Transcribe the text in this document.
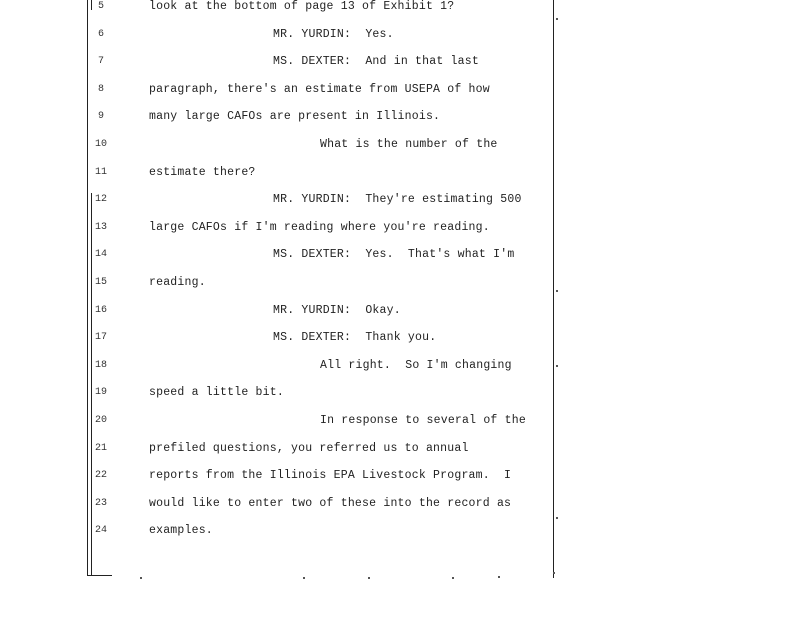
5	look at the bottom of page 13 of Exhibit 1?
6	MR. YURDIN:  Yes.
7	MS. DEXTER:  And in that last
8	paragraph, there's an estimate from USEPA of how
9	many large CAFOs are present in Illinois.
10	What is the number of the
11	estimate there?
12	MR. YURDIN:  They're estimating 500
13	large CAFOs if I'm reading where you're reading.
14	MS. DEXTER:  Yes.  That's what I'm
15	reading.
16	MR. YURDIN:  Okay.
17	MS. DEXTER:  Thank you.
18	All right.  So I'm changing
19	speed a little bit.
20	In response to several of the
21	prefiled questions, you referred us to annual
22	reports from the Illinois EPA Livestock Program.  I
23	would like to enter two of these into the record as
24	examples.
